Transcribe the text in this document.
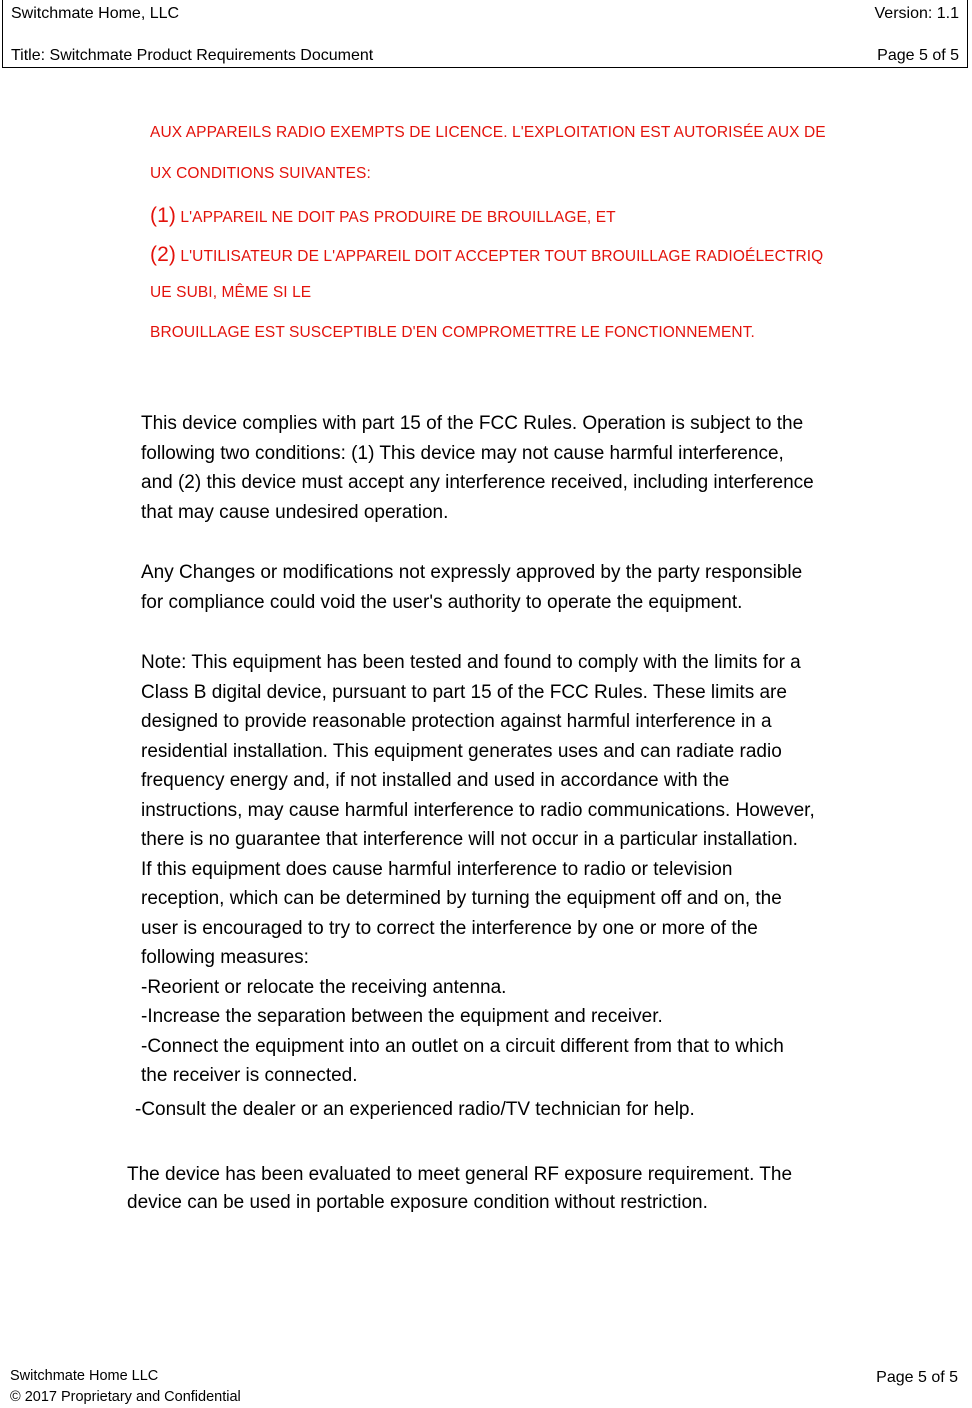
Switchmate Home, LLC	Version: 1.1
Title: Switchmate Product Requirements Document	Page 5 of 5
AUX APPAREILS RADIO EXEMPTS DE LICENCE. L'EXPLOITATION EST AUTORISÉE AUX DE
UX CONDITIONS SUIVANTES:
(1) L'APPAREIL NE DOIT PAS PRODUIRE DE BROUILLAGE, ET
(2) L'UTILISATEUR DE L'APPAREIL DOIT ACCEPTER TOUT BROUILLAGE RADIOÉLECTRIQ
UE SUBI, MÊME SI LE
BROUILLAGE EST SUSCEPTIBLE D'EN COMPROMETTRE LE FONCTIONNEMENT.

This device complies with part 15 of the FCC Rules. Operation is subject to the

following two conditions: (1) This device may not cause harmful interference,

and (2) this device must accept any interference received, including interference

that may cause undesired operation.

Any Changes or modifications not expressly approved by the party responsible

for compliance could void the user's authority to operate the equipment.

Note: This equipment has been tested and found to comply with the limits for a

Class B digital device, pursuant to part 15 of the FCC Rules. These limits are

designed to provide reasonable protection against harmful interference in a

residential installation. This equipment generates uses and can radiate radio

frequency energy and, if not installed and used in accordance with the

instructions, may cause harmful interference to radio communications. However,

there is no guarantee that interference will not occur in a particular installation.

If this equipment does cause harmful interference to radio or television

reception, which can be determined by turning the equipment off and on, the

user is encouraged to try to correct the interference by one or more of the

following measures:

-Reorient or relocate the receiving antenna.

-Increase the separation between the equipment and receiver.

-Connect the equipment into an outlet on a circuit different from that to which

the receiver is connected.

-Consult the dealer or an experienced radio/TV technician for help.

The device has been evaluated to meet general RF exposure requirement. The

device can be used in portable exposure condition without restriction.

Switchmate Home LLC
© 2017 Proprietary and Confidential
Page 5 of 5
